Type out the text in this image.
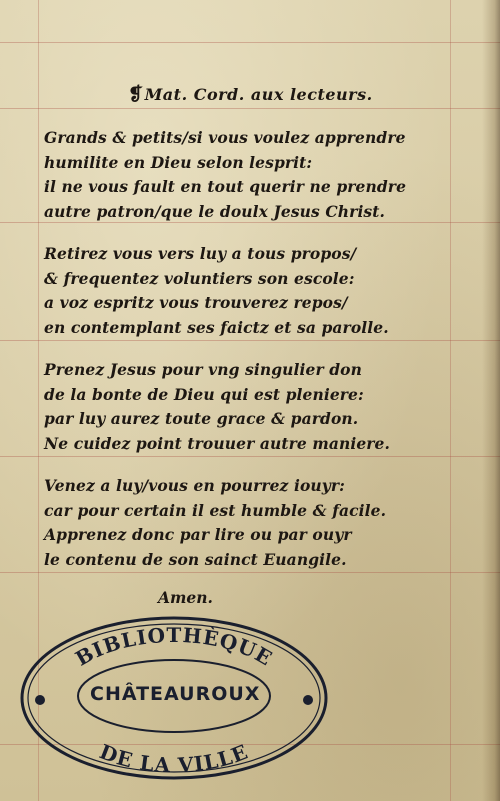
❡Mat. Cord. aux lecteurs.
Grands & petits/si vous voulez apprendre
humilite en Dieu selon lesprit:
il ne vous fault en tout querir ne prendre
autre patron/que le doulx Jesus Christ.
Retirez vous vers luy a tous propos/
& frequentez voluntiers son escole:
a voz espritz vous trouverez repos/
en contemplant ses faictz et sa parolle.
Prenez Jesus pour vng singulier don
de la bonte de Dieu qui est pleniere:
par luy aurez toute grace & pardon.
Ne cuidez point trouuer autre maniere.
Venez a luy/vous en pourrez iouyr:
car pour certain il est humble & facile.
Apprenez donc par lire ou par ouyr
le contenu de son sainct Euangile.
Amen.
BIBLIOTHÈQUE
DE LA VILLE
CHÂTEAUROUX
